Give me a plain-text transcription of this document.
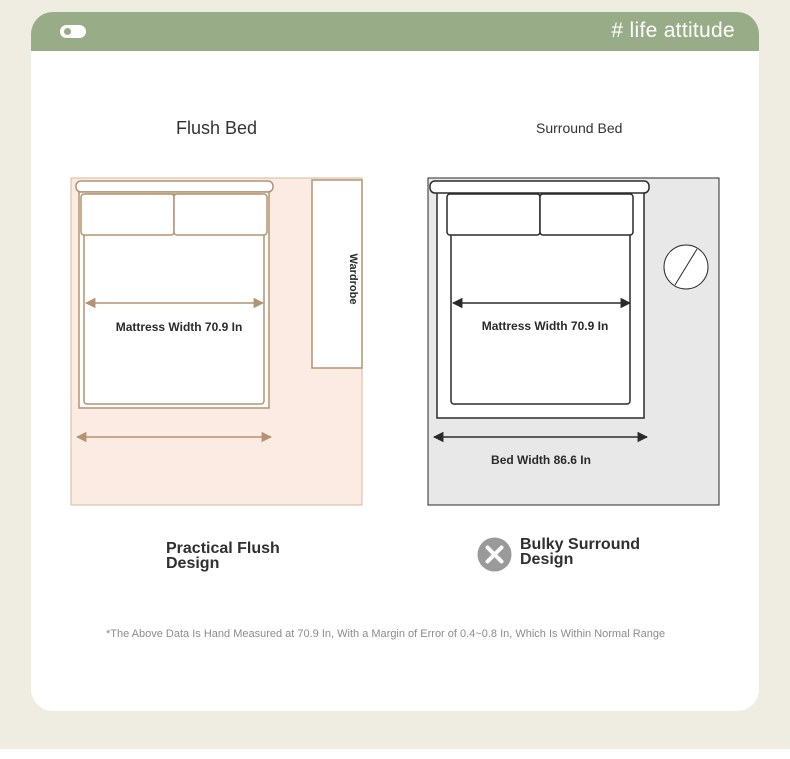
# life attitude
Flush Bed	Surround Bed
Mattress Width 70.9 In
Wardrobe
Mattress Width 70.9 In
Bed Width 86.6 In
Practical Flush Design
Bulky Surround Design
*The Above Data Is Hand Measured at 70.9 In, With a Margin of Error of 0.4~0.8 In, Which Is Within Normal Range
